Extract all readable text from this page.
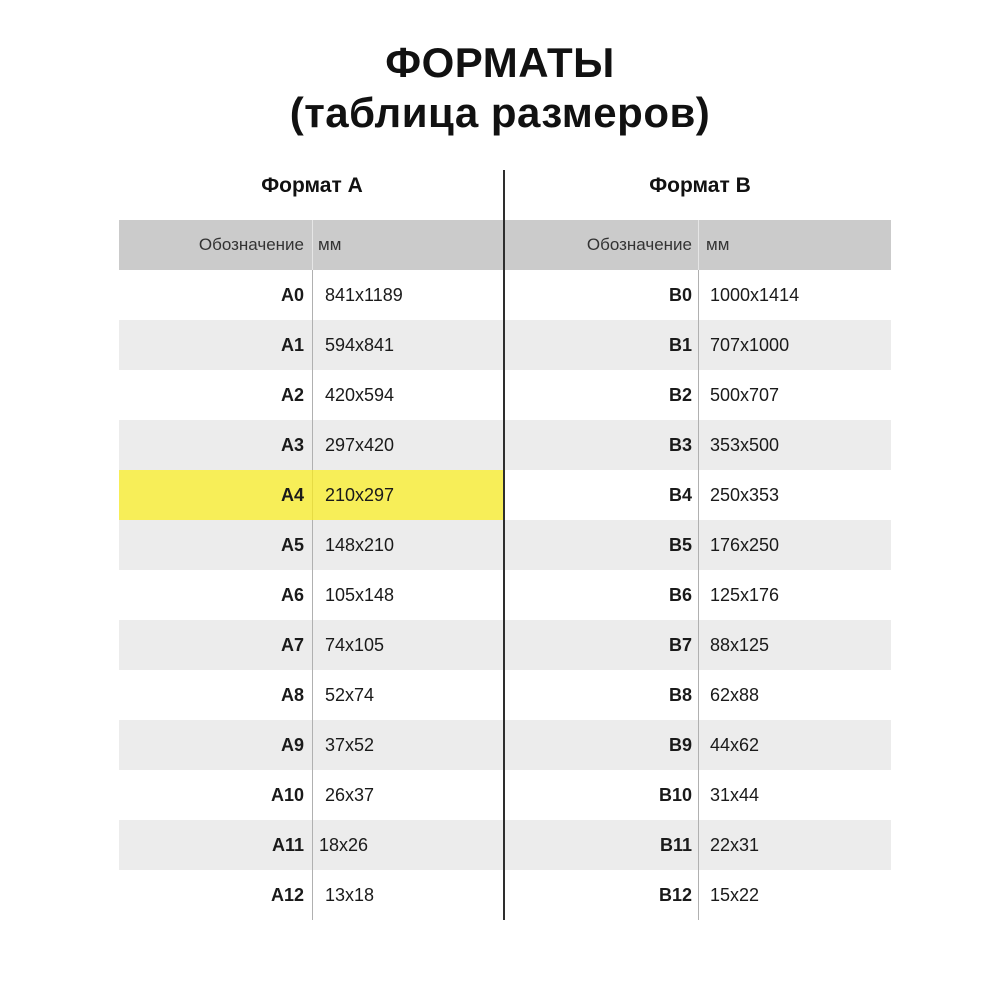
ФОРМАТЫ
(таблица размеров)
Формат А	Формат B
Обозначение мм
A0 841x1189
A1 594x841
A2 420x594
A3 297x420
A4 210x297
A5 148x210
A6 105x148
A7 74x105
A8 52x74
A9 37x52
A10 26x37
A11 18x26
A12 13x18
Обозначение мм
B0 1000x1414
B1 707x1000
B2 500x707
B3 353x500
B4 250x353
B5 176x250
B6 125x176
B7 88x125
B8 62x88
B9 44x62
B10 31x44
B11 22x31
B12 15x22
